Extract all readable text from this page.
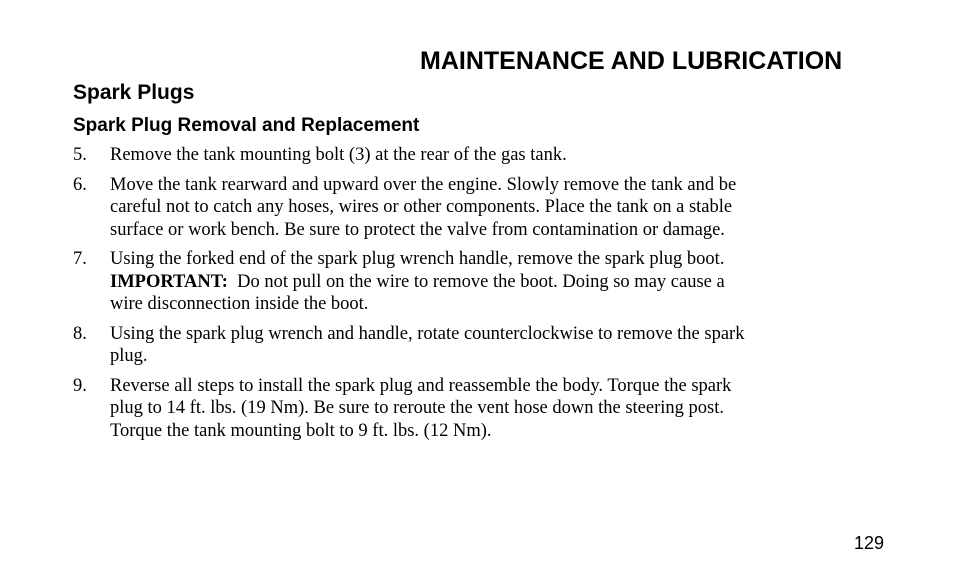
MAINTENANCE AND LUBRICATION
Spark Plugs
Spark Plug Removal and Replacement
5.	Remove the tank mounting bolt (3) at the rear of the gas tank.
6.	Move the tank rearward and upward over the engine. Slowly remove the tank and be
careful not to catch any hoses, wires or other components. Place the tank on a stable
surface or work bench. Be sure to protect the valve from contamination or damage.
7.	Using the forked end of the spark plug wrench handle, remove the spark plug boot.
IMPORTANT: Do not pull on the wire to remove the boot. Doing so may cause a
wire disconnection inside the boot.
8.	Using the spark plug wrench and handle, rotate counterclockwise to remove the spark
plug.
9.	Reverse all steps to install the spark plug and reassemble the body. Torque the spark
plug to 14 ft. lbs. (19 Nm). Be sure to reroute the vent hose down the steering post.
Torque the tank mounting bolt to 9 ft. lbs. (12 Nm).
129
